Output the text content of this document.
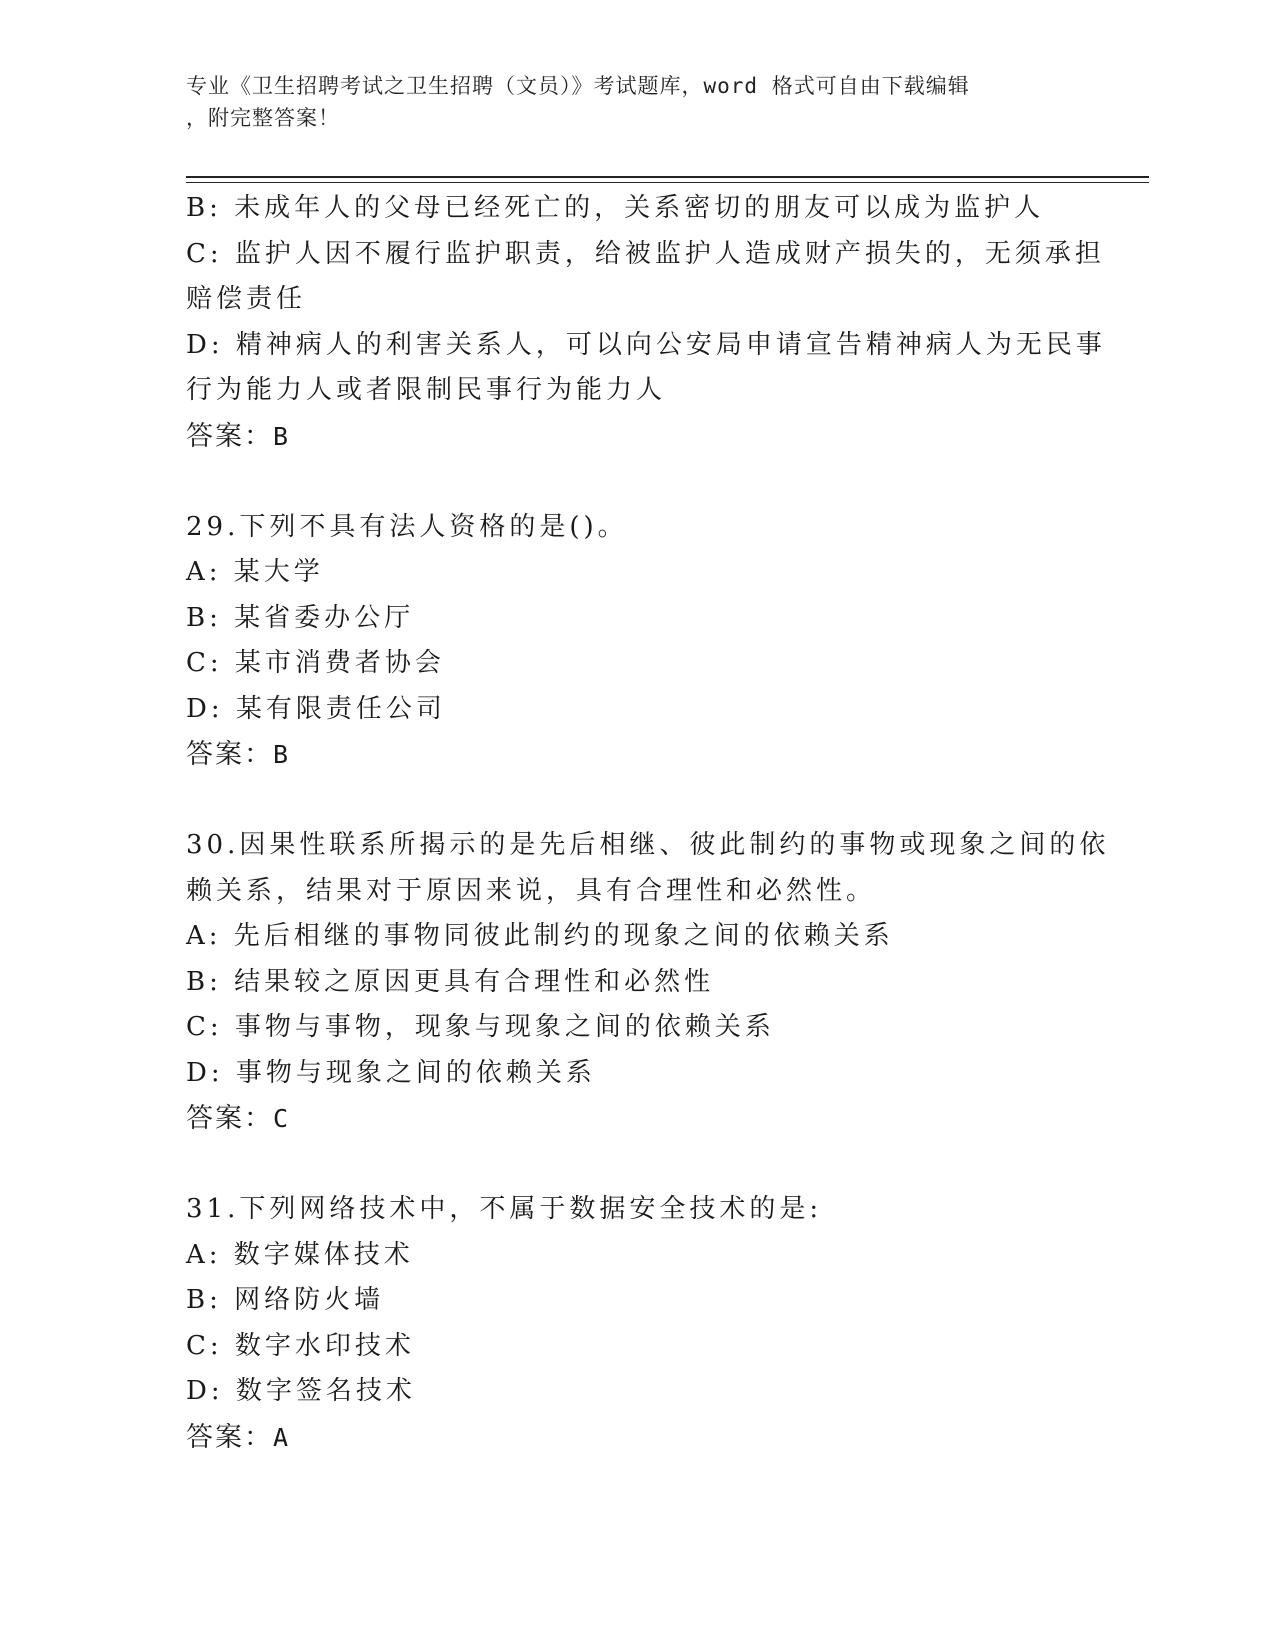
专业《卫生招聘考试之卫生招聘（文员）》考试题库，word 格式可自由下载编辑
，附完整答案！
B: 未成年人的父母已经死亡的，关系密切的朋友可以成为监护人
C: 监护人因不履行监护职责，给被监护人造成财产损失的，无须承担
赔偿责任
D: 精神病人的利害关系人，可以向公安局申请宣告精神病人为无民事
行为能力人或者限制民事行为能力人
答案：B
29.下列不具有法人资格的是()。
A: 某大学
B: 某省委办公厅
C: 某市消费者协会
D: 某有限责任公司
答案：B
30.因果性联系所揭示的是先后相继、彼此制约的事物或现象之间的依
赖关系，结果对于原因来说，具有合理性和必然性。
A: 先后相继的事物同彼此制约的现象之间的依赖关系
B: 结果较之原因更具有合理性和必然性
C: 事物与事物，现象与现象之间的依赖关系
D: 事物与现象之间的依赖关系
答案：C
31.下列网络技术中，不属于数据安全技术的是:
A: 数字媒体技术
B: 网络防火墙
C: 数字水印技术
D: 数字签名技术
答案：A
